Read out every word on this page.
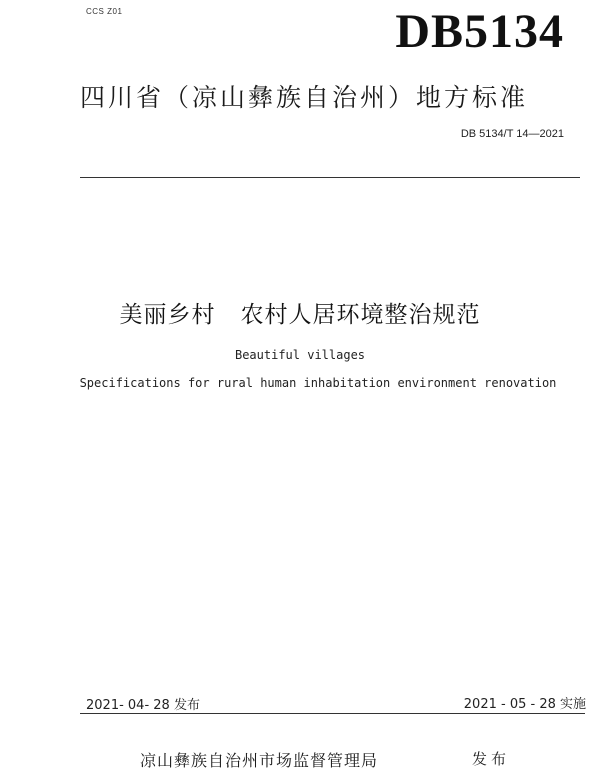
CCS Z01	DB5134
四川省（凉山彝族自治州）地方标准
DB 5134/T 14—2021
美丽乡村   农村人居环境整治规范
Beautiful villages
Specifications for rural human inhabitation environment renovation
2021- 04- 28 发布	2021 - 05 - 28 实施
凉山彝族自治州市场监督管理局	发布
